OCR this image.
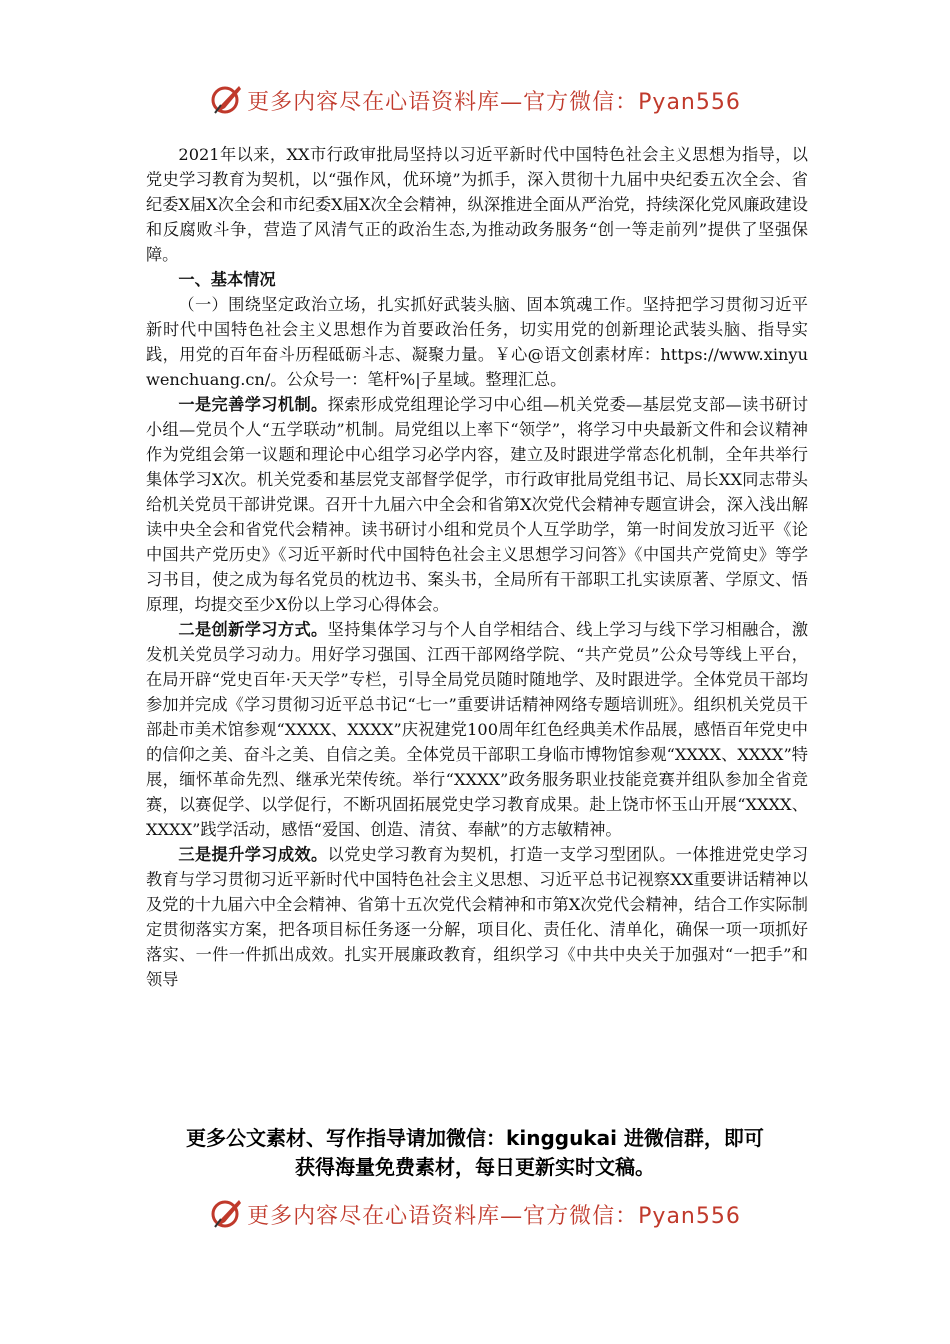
更多内容尽在心语资料库—官方微信：Pyan556

2021年以来，XX市行政审批局坚持以习近平新时代中国特色社会主义思想为指导，以党史学习教育为契机，以“强作风，优环境”为抓手，深入贯彻十九届中央纪委五次全会、省纪委X届X次全会和市纪委X届X次全会精神，纵深推进全面从严治党，持续深化党风廉政建设和反腐败斗争，营造了风清气正的政治生态,为推动政务服务“创一等走前列”提供了坚强保障。

一、基本情况

（一）围绕坚定政治立场，扎实抓好武装头脑、固本筑魂工作。坚持把学习贯彻习近平新时代中国特色社会主义思想作为首要政治任务，切实用党的创新理论武装头脑、指导实践，用党的百年奋斗历程砥砺斗志、凝聚力量。￥心@语文创素材库：https://www.xinyuwenchuang.cn/。公众号一：笔杆%|子星域。整理汇总。

一是完善学习机制。探索形成党组理论学习中心组—机关党委—基层党支部—读书研讨小组—党员个人“五学联动”机制。局党组以上率下“领学”，将学习中央最新文件和会议精神作为党组会第一议题和理论中心组学习必学内容，建立及时跟进学常态化机制，全年共举行集体学习X次。机关党委和基层党支部督学促学，市行政审批局党组书记、局长XX同志带头给机关党员干部讲党课。召开十九届六中全会和省第X次党代会精神专题宣讲会，深入浅出解读中央全会和省党代会精神。读书研讨小组和党员个人互学助学，第一时间发放习近平《论中国共产党历史》《习近平新时代中国特色社会主义思想学习问答》《中国共产党简史》等学习书目，使之成为每名党员的枕边书、案头书，全局所有干部职工扎实读原著、学原文、悟原理，均提交至少X份以上学习心得体会。

二是创新学习方式。坚持集体学习与个人自学相结合、线上学习与线下学习相融合，激发机关党员学习动力。用好学习强国、江西干部网络学院、“共产党员”公众号等线上平台，在局开辟“党史百年·天天学”专栏，引导全局党员随时随地学、及时跟进学。全体党员干部均参加并完成《学习贯彻习近平总书记“七一”重要讲话精神网络专题培训班》。组织机关党员干部赴市美术馆参观“XXXX、XXXX”庆祝建党100周年红色经典美术作品展，感悟百年党史中的信仰之美、奋斗之美、自信之美。全体党员干部职工身临市博物馆参观“XXXX、XXXX”特展，缅怀革命先烈、继承光荣传统。举行“XXXX”政务服务职业技能竞赛并组队参加全省竞赛，以赛促学、以学促行，不断巩固拓展党史学习教育成果。赴上饶市怀玉山开展“XXXX、XXXX”践学活动，感悟“爱国、创造、清贫、奉献”的方志敏精神。

三是提升学习成效。以党史学习教育为契机，打造一支学习型团队。一体推进党史学习教育与学习贯彻习近平新时代中国特色社会主义思想、习近平总书记视察XX重要讲话精神以及党的十九届六中全会精神、省第十五次党代会精神和市第X次党代会精神，结合工作实际制定贯彻落实方案，把各项目标任务逐一分解，项目化、责任化、清单化，确保一项一项抓好落实、一件一件抓出成效。扎实开展廉政教育，组织学习《中共中央关于加强对“一把手”和领导

更多公文素材、写作指导请加微信：kinggukai 进微信群，即可
获得海量免费素材，每日更新实时文稿。
更多内容尽在心语资料库—官方微信：Pyan556
